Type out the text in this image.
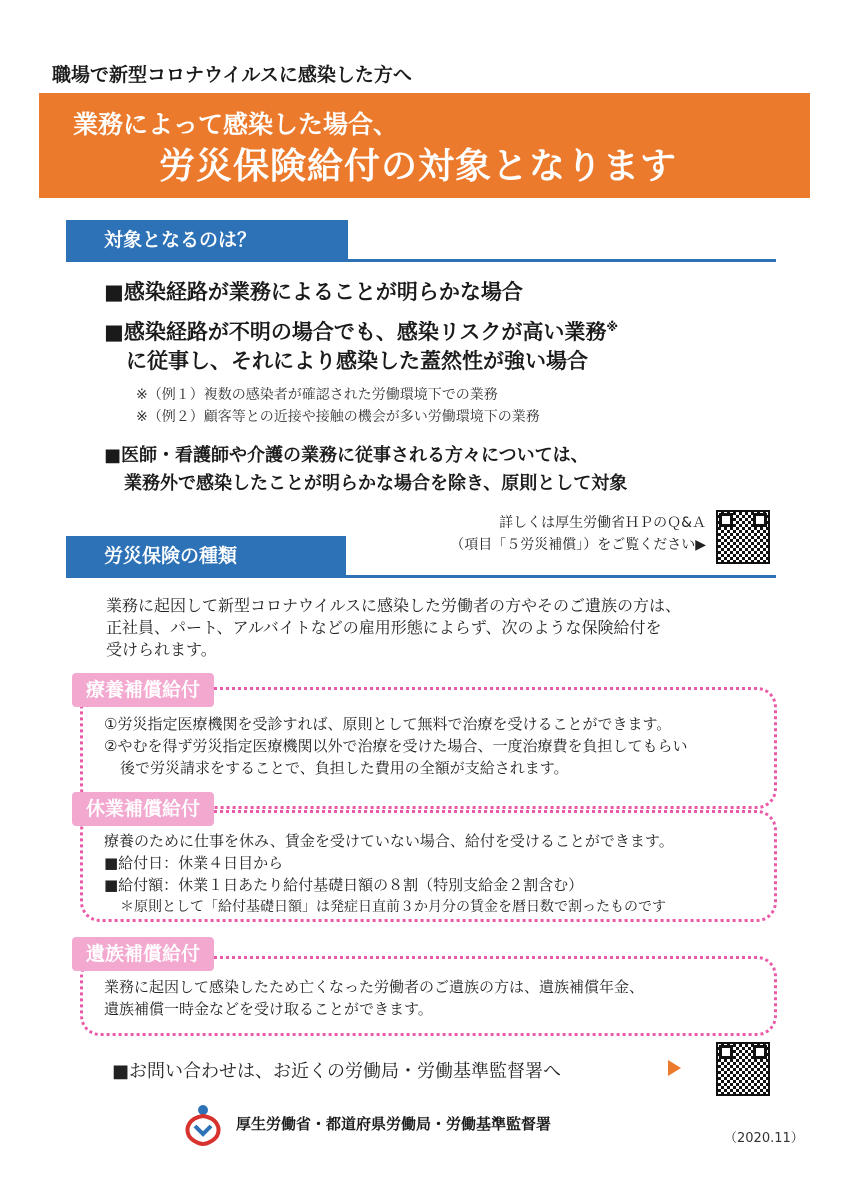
職場で新型コロナウイルスに感染した方へ
業務によって感染した場合、
労災保険給付の対象となります
対象となるのは？
■感染経路が業務によることが明らかな場合
■感染経路が不明の場合でも、感染リスクが高い業務※
に従事し、それにより感染した蓋然性が強い場合
※（例１）複数の感染者が確認された労働環境下での業務
※（例２）顧客等との近接や接触の機会が多い労働環境下の業務
■医師・看護師や介護の業務に従事される方々については、
業務外で感染したことが明らかな場合を除き、原則として対象
詳しくは厚生労働省ＨＰのＱ&Ａ
（項目「５労災補償」）をご覧ください▶
労災保険の種類
業務に起因して新型コロナウイルスに感染した労働者の方やそのご遺族の方は、
正社員、パート、アルバイトなどの雇用形態によらず、次のような保険給付を
受けられます。
療養補償給付
①労災指定医療機関を受診すれば、原則として無料で治療を受けることができます。
②やむを得ず労災指定医療機関以外で治療を受けた場合、一度治療費を負担してもらい
後で労災請求をすることで、負担した費用の全額が支給されます。
休業補償給付
療養のために仕事を休み、賃金を受けていない場合、給付を受けることができます。
■給付日：休業４日目から
■給付額：休業１日あたり給付基礎日額の８割（特別支給金２割含む）
＊原則として「給付基礎日額」は発症日直前３か月分の賃金を暦日数で割ったものです
遺族補償給付
業務に起因して感染したため亡くなった労働者のご遺族の方は、遺族補償年金、
遺族補償一時金などを受け取ることができます。
■お問い合わせは、お近くの労働局・労働基準監督署へ
厚生労働省・都道府県労働局・労働基準監督署
（2020.11）
